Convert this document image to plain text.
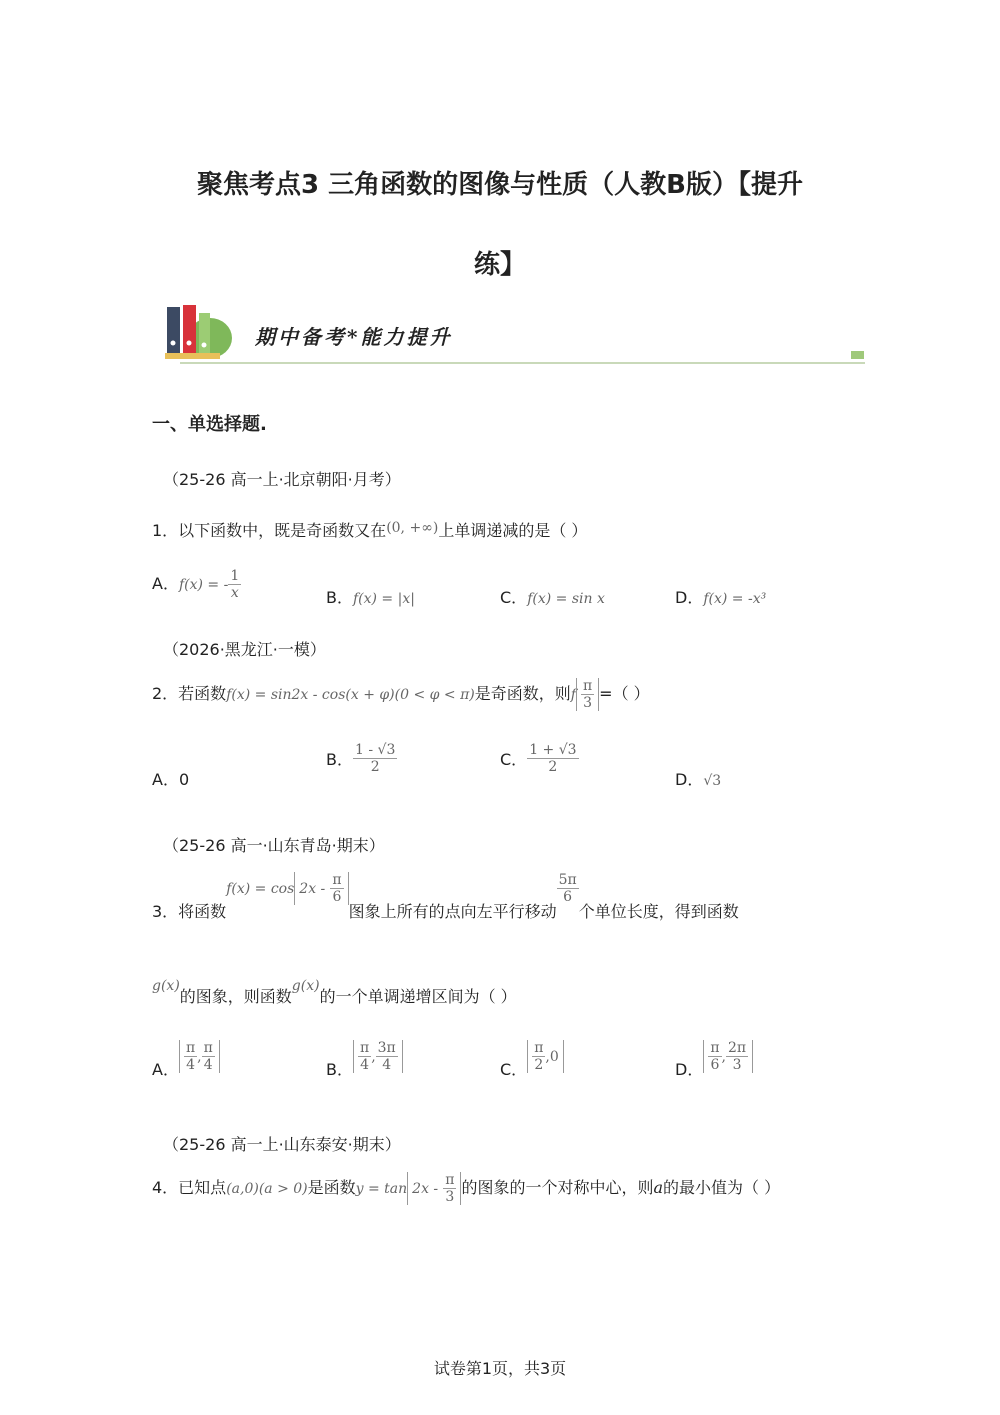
聚焦考点3 三角函数的图像与性质（人教B版）【提升
练】
期中备考*能力提升
一、单选择题.
（25-26 高一上·北京朝阳·月考）
1．以下函数中，既是奇函数又在(0, +∞)上单调递减的是（ ）
A．f(x) = - $\frac{1}{x}$	B．f(x) = |x|	C．f(x) = sin x	D．f(x) = -x³
（2026·黑龙江·一模）
2．若函数f(x) = sin2x - cos(x + φ)(0 < φ < π)是奇函数，则f $\frac{\pi}{3}$ =（ ）
A．0
B． $\frac{1 - √3}{2}$	C． $\frac{1 + √3}{2}$
D．√3
（25-26 高一·山东青岛·期末）
3．将函数$f(x) = \cos 2x - \frac{\pi}{6}$
图象上所有的点向左平行移动
$\frac{5\pi}{6}$
个单位长度，得到函数
g(x)的图象，则函数g(x)的一个单调递增区间为（ ）
A． $\frac{\pi}{4}$ , $\frac{\pi}{4}$	B． $\frac{\pi}{4}$ , $\frac{3\pi}{4}$	C． $\frac{\pi}{2} ,0$
D． $\frac{\pi}{6}$ , $\frac{2\pi}{3}$
（25-26 高一上·山东泰安·期末）
4．已知点(a,0)(a > 0)是函数$y = \tan 2x - \frac{\pi}{3}$ 的图象的一个对称中心，则a的最小值为（ ）
试卷第1页，共3页
